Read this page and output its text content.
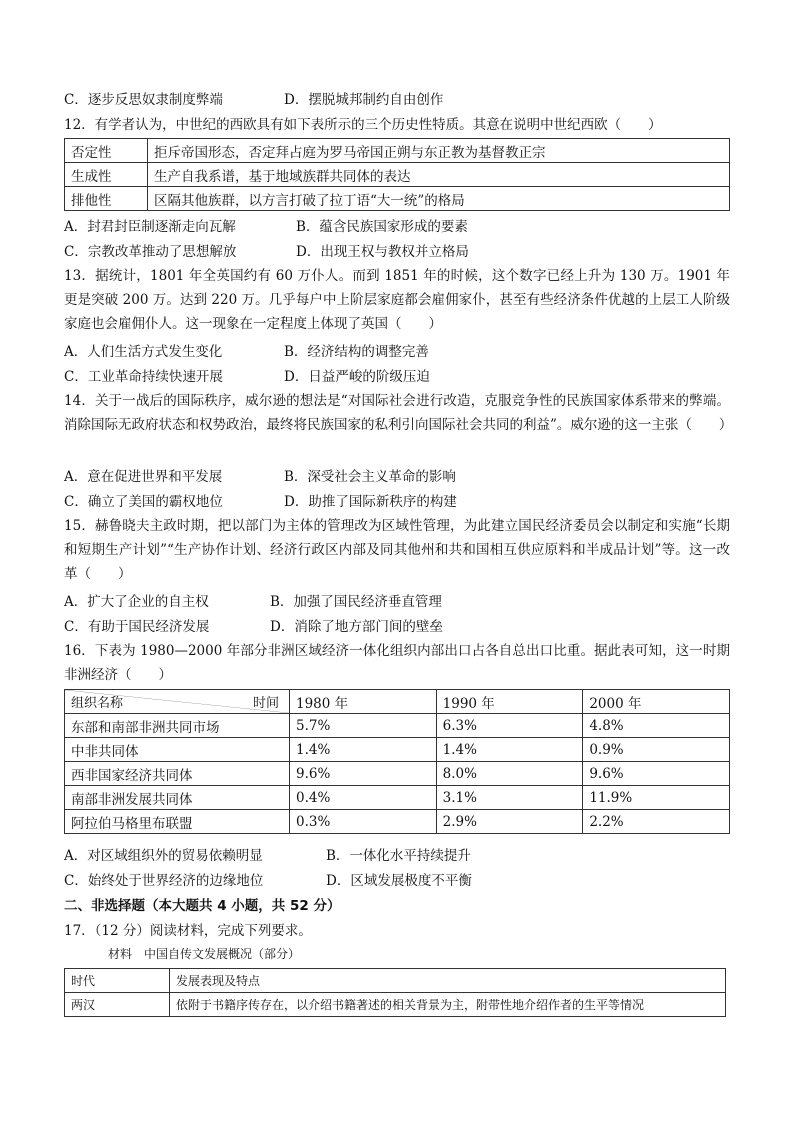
C．逐步反思奴隶制度弊端	D．摆脱城邦制约自由创作
12．有学者认为，中世纪的西欧具有如下表所示的三个历史性特质。其意在说明中世纪西欧（　　）
否定性	拒斥帝国形态，否定拜占庭为罗马帝国正朔与东正教为基督教正宗
生成性	生产自我系谱，基于地域族群共同体的表达
排他性	区隔其他族群，以方言打破了拉丁语“大一统”的格局
A．封君封臣制逐渐走向瓦解	B．蕴含民族国家形成的要素
C．宗教改革推动了思想解放	D．出现王权与教权并立格局
13．据统计，1801 年全英国约有 60 万仆人。而到 1851 年的时候，这个数字已经上升为 130 万。1901 年更是突破 200 万。达到 220 万。几乎每户中上阶层家庭都会雇佣家仆，甚至有些经济条件优越的上层工人阶级家庭也会雇佣仆人。这一现象在一定程度上体现了英国（　　）
A．人们生活方式发生变化	B．经济结构的调整完善
C．工业革命持续快速开展	D．日益严峻的阶级压迫
14．关于一战后的国际秩序，威尔逊的想法是“对国际社会进行改造，克服竞争性的民族国家体系带来的弊端。消除国际无政府状态和权势政治，最终将民族国家的私利引向国际社会共同的利益”。威尔逊的这一主张（　　）
A．意在促进世界和平发展	B．深受社会主义革命的影响
C．确立了美国的霸权地位	D．助推了国际新秩序的构建
15．赫鲁晓夫主政时期，把以部门为主体的管理改为区域性管理，为此建立国民经济委员会以制定和实施“长期和短期生产计划”“生产协作计划、经济行政区内部及同其他州和共和国相互供应原料和半成品计划”等。这一改革（　　）
A．扩大了企业的自主权	B．加强了国民经济垂直管理
C．有助于国民经济发展	D．消除了地方部门间的壁垒
16．下表为 1980—2000 年部分非洲区域经济一体化组织内部出口占各自总出口比重。据此表可知，这一时期非洲经济（　　）
组织名称 时间	1980 年	1990 年	2000 年
东部和南部非洲共同市场	5.7%	6.3%	4.8%
中非共同体	1.4%	1.4%	0.9%
西非国家经济共同体	9.6%	8.0%	9.6%
南部非洲发展共同体	0.4%	3.1%	11.9%
阿拉伯马格里布联盟	0.3%	2.9%	2.2%
A．对区域组织外的贸易依赖明显	B．一体化水平持续提升
C．始终处于世界经济的边缘地位	D．区域发展极度不平衡
二、非选择题（本大题共 4 小题，共 52 分）
17．（12 分）阅读材料，完成下列要求。
材料　中国自传文发展概况（部分）
时代	发展表现及特点
两汉	依附于书籍序传存在，以介绍书籍著述的相关背景为主，附带性地介绍作者的生平等情况
